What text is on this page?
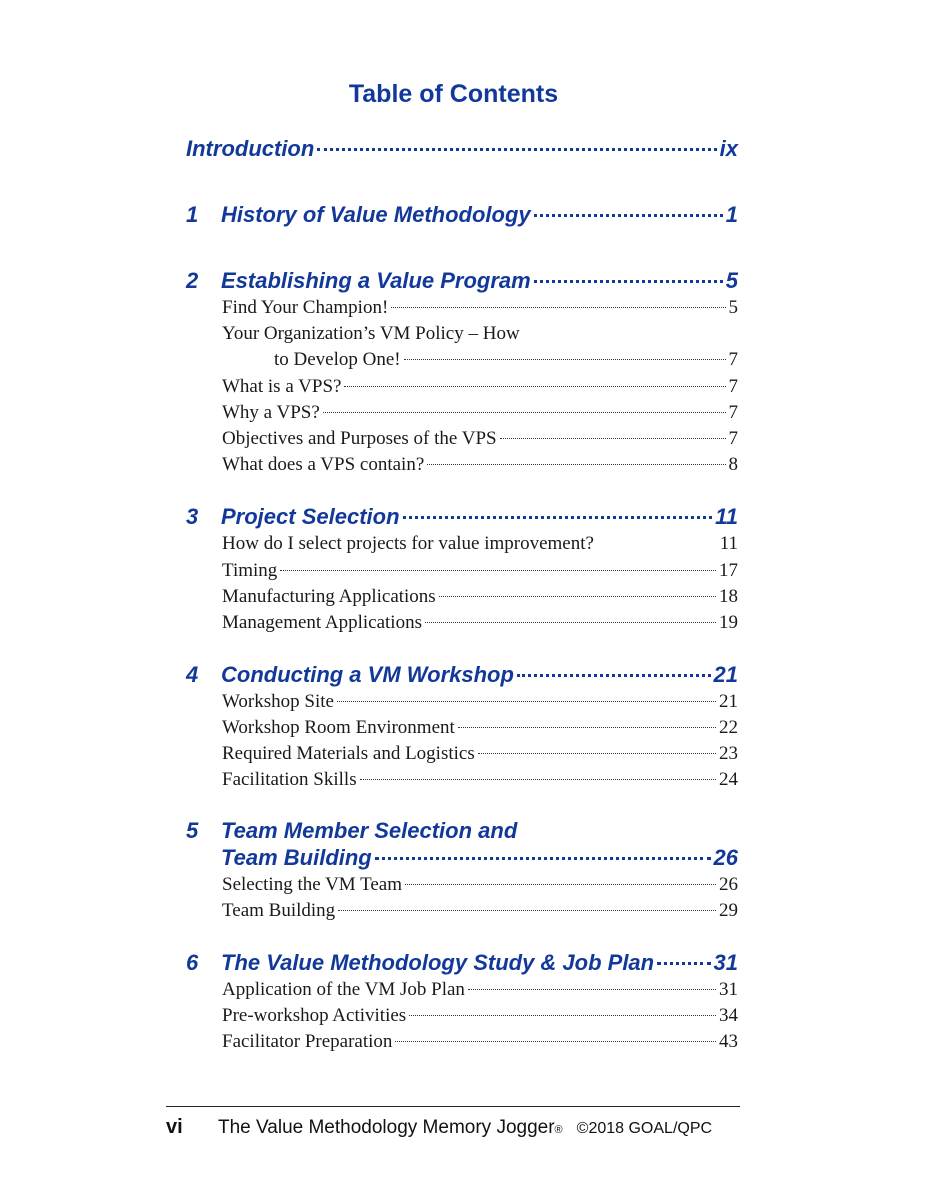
Table of Contents
Introduction	ix
1	History of Value Methodology	1
2	Establishing a Value Program	5
Find Your Champion!	5
Your Organization’s VM Policy – How
to Develop One!	7
What is a VPS?	7
Why a VPS?	7
Objectives and Purposes of the VPS	7
What does a VPS contain?	8
3	Project Selection	11
How do I select projects for value improvement?	11
Timing	17
Manufacturing Applications	18
Management Applications	19
4	Conducting a VM Workshop	21
Workshop Site	21
Workshop Room Environment	22
Required Materials and Logistics	23
Facilitation Skills	24
5	Team Member Selection and
Team Building	26
Selecting the VM Team	26
Team Building	29
6	The Value Methodology Study & Job Plan	31
Application of the VM Job Plan	31
Pre-workshop Activities	34
Facilitator Preparation	43
vi	The Value Methodology Memory Jogger ® ©2018 GOAL/QPC
